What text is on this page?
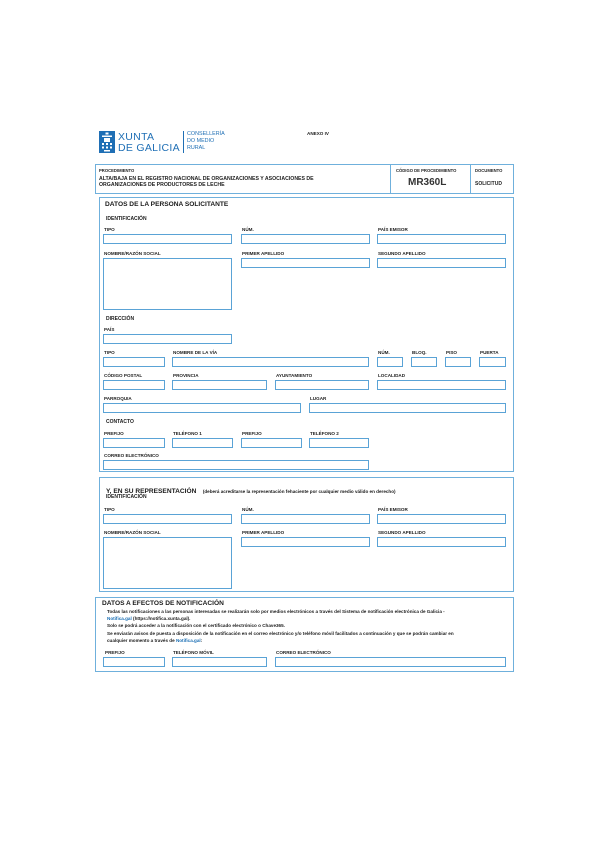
XUNTA
DE GALICIA
CONSELLERÍA
DO MEDIO
RURAL
ANEXO IV
PROCEDIMIENTO
ALTA/BAJA EN EL REGISTRO NACIONAL DE ORGANIZACIONES Y ASOCIACIONES DE
ORGANIZACIONES DE PRODUCTORES DE LECHE
CÓDIGO DE PROCEDIMIENTO
MR360L
DOCUMENTO
SOLICITUD
DATOS DE LA PERSONA SOLICITANTE
IDENTIFICACIÓN
TIPO	NÚM.	PAÍS EMISOR
NOMBRE/RAZÓN SOCIAL	PRIMER APELLIDO	SEGUNDO APELLIDO
DIRECCIÓN
PAÍS
TIPO	NOMBRE DE LA VÍA	NÚM.	BLOQ.	PISO	PUERTA
CÓDIGO POSTAL	PROVINCIA	AYUNTAMIENTO	LOCALIDAD
PARROQUIA	LUGAR
CONTACTO
PREFIJO	TELÉFONO 1	PREFIJO	TELÉFONO 2
CORREO ELECTRÓNICO
Y, EN SU REPRESENTACIÓN (deberá acreditarse la representación fehaciente por cualquier medio válido en derecho)
IDENTIFICACIÓN
TIPO	NÚM.	PAÍS EMISOR
NOMBRE/RAZÓN SOCIAL	PRIMER APELLIDO	SEGUNDO APELLIDO
DATOS A EFECTOS DE NOTIFICACIÓN
Todas las notificaciones a las personas interesadas se realizarán solo por medios electrónicos a través del Sistema de notificación electrónica de Galicia -
Notifica.gal (https://notifica.xunta.gal).
Solo se podrá acceder a la notificación con el certificado electrónico o Chave365.
Se enviarán avisos de puesta a disposición de la notificación en el correo electrónico y/o teléfono móvil facilitados a continuación y que se podrán cambiar en
cualquier momento a través de Notifica.gal:
PREFIJO	TELÉFONO MÓVIL	CORREO ELECTRÓNICO
